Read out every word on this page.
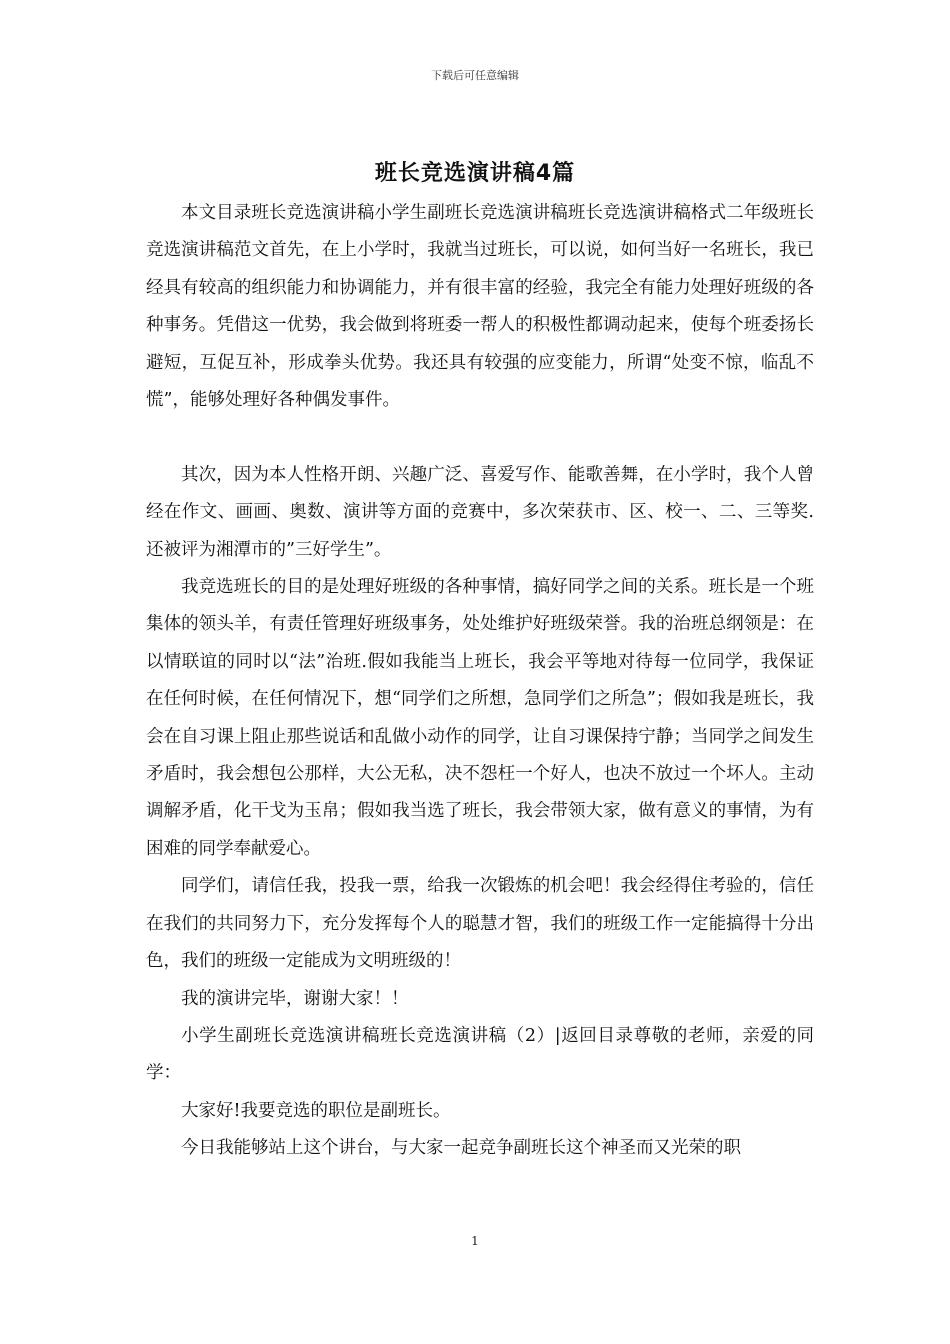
下载后可任意编辑
班长竞选演讲稿4篇

本文目录班长竞选演讲稿小学生副班长竞选演讲稿班长竞选演讲稿格式二年级班长竞选演讲稿范文首先，在上小学时，我就当过班长，可以说，如何当好一名班长，我已经具有较高的组织能力和协调能力，并有很丰富的经验，我完全有能力处理好班级的各种事务。凭借这一优势，我会做到将班委一帮人的积极性都调动起来，使每个班委扬长避短，互促互补，形成拳头优势。我还具有较强的应变能力，所谓“处变不惊，临乱不慌”，能够处理好各种偶发事件。

其次，因为本人性格开朗、兴趣广泛、喜爱写作、能歌善舞，在小学时，我个人曾经在作文、画画、奥数、演讲等方面的竞赛中，多次荣获市、区、校一、二、三等奖.还被评为湘潭市的”三好学生”。

我竞选班长的目的是处理好班级的各种事情，搞好同学之间的关系。班长是一个班集体的领头羊，有责任管理好班级事务，处处维护好班级荣誉。我的治班总纲领是：在以情联谊的同时以“法”治班.假如我能当上班长，我会平等地对待每一位同学，我保证在任何时候，在任何情况下，想“同学们之所想，急同学们之所急”；假如我是班长，我会在自习课上阻止那些说话和乱做小动作的同学，让自习课保持宁静；当同学之间发生矛盾时，我会想包公那样，大公无私，决不怨枉一个好人，也决不放过一个坏人。主动调解矛盾，化干戈为玉帛；假如我当选了班长，我会带领大家，做有意义的事情，为有困难的同学奉献爱心。

同学们，请信任我，投我一票，给我一次锻炼的机会吧！我会经得住考验的，信任在我们的共同努力下，充分发挥每个人的聪慧才智，我们的班级工作一定能搞得十分出色，我们的班级一定能成为文明班级的！

我的演讲完毕，谢谢大家！！

小学生副班长竞选演讲稿班长竞选演讲稿（2）|返回目录尊敬的老师，亲爱的同学：

大家好!我要竞选的职位是副班长。

今日我能够站上这个讲台，与大家一起竞争副班长这个神圣而又光荣的职

1
